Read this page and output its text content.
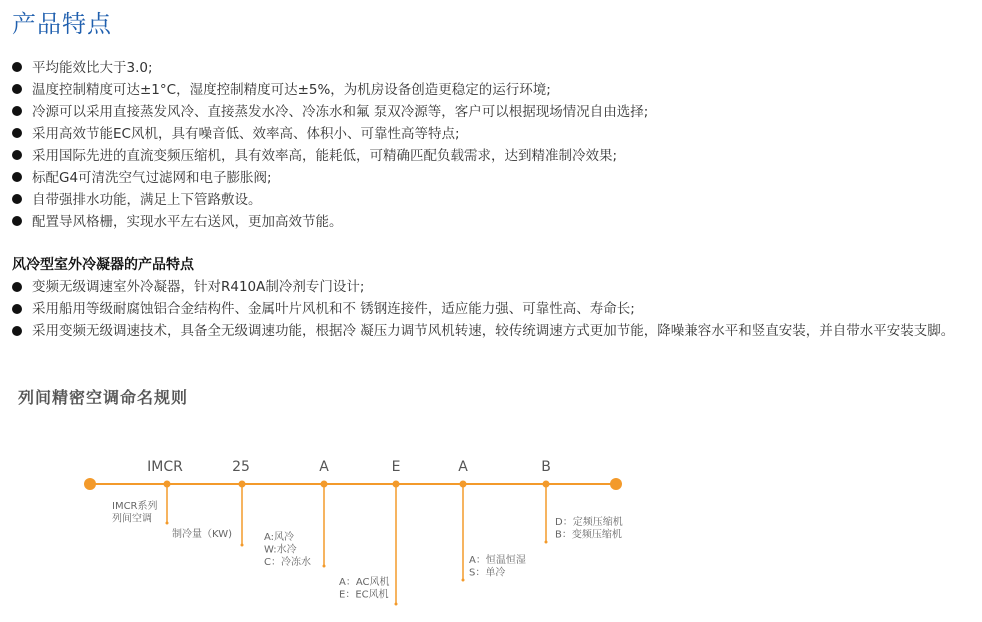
产品特点
平均能效比大于3.0;
温度控制精度可达±1°C，湿度控制精度可达±5%，为机房设备创造更稳定的运行环境;
冷源可以采用直接蒸发风冷、直接蒸发水冷、冷冻水和氟 泵双冷源等，客户可以根据现场情况自由选择;
采用高效节能EC风机，具有噪音低、效率高、体积小、可靠性高等特点;
采用国际先进的直流变频压缩机，具有效率高，能耗低，可精确匹配负载需求，达到精准制冷效果;
标配G4可清洗空气过滤网和电子膨胀阀;
自带强排水功能，满足上下管路敷设。
配置导风格栅，实现水平左右送风，更加高效节能。
风冷型室外冷凝器的产品特点
变频无级调速室外冷凝器，针对R410A制冷剂专门设计;
采用船用等级耐腐蚀铝合金结构件、金属叶片风机和不 锈钢连接件，适应能力强、可靠性高、寿命长;
采用变频无级调速技术，具备全无级调速功能，根据冷 凝压力调节风机转速，较传统调速方式更加节能，降噪兼容水平和竖直安装，并自带水平安装支脚。
列间精密空调命名规则
IMCR
IMCR系列
列间空调
25
制冷量（KW)
A
A:风冷
W:水冷
C：冷冻水
E
A：AC风机
E：EC风机
A
A：恒温恒湿
S：单冷
B
D：定频压缩机
B：变频压缩机
